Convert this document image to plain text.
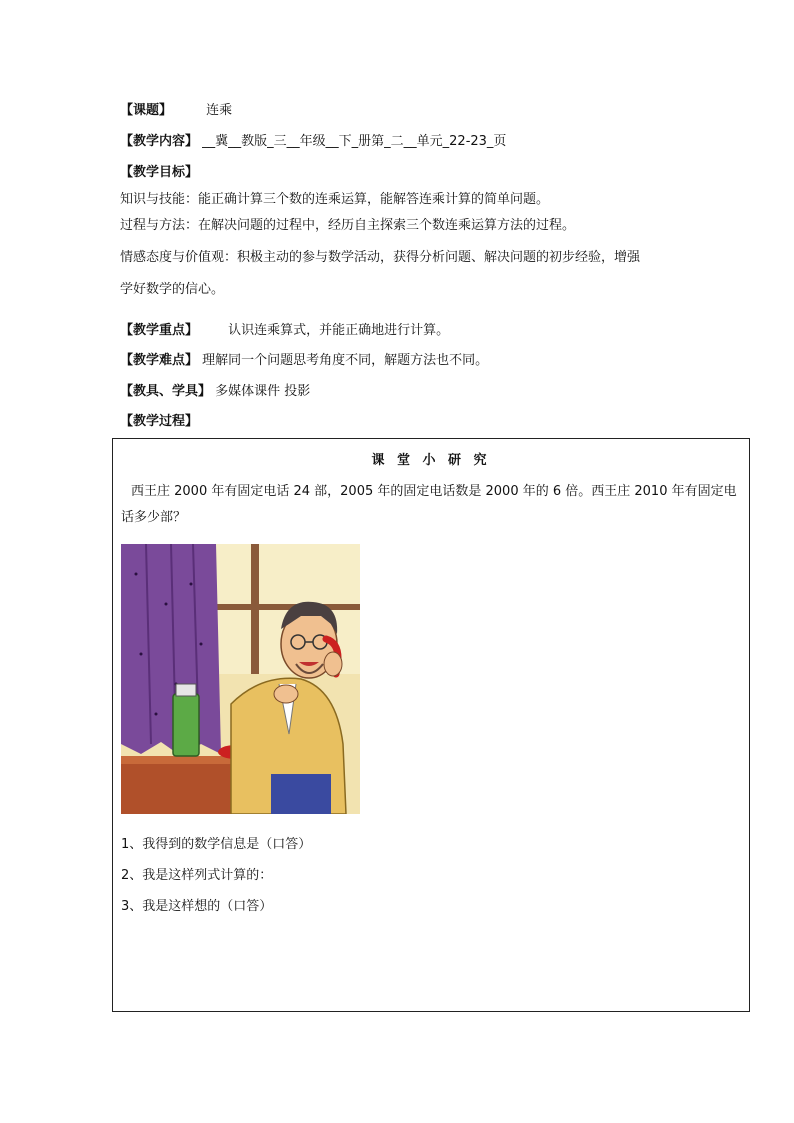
【课题】	连乘
【教学内容】 __冀__教版_三__年级__下_册第_二__单元_22-23_页
【教学目标】
知识与技能：能正确计算三个数的连乘运算，能解答连乘计算的简单问题。
过程与方法：在解决问题的过程中，经历自主探索三个数连乘运算方法的过程。
情感态度与价值观：积极主动的参与数学活动，获得分析问题、解决问题的初步经验，增强
学好数学的信心。
【教学重点】 认识连乘算式，并能正确地进行计算。
【教学难点】 理解同一个问题思考角度不同，解题方法也不同。
【教具、学具】 多媒体课件 投影
【教学过程】
课 堂 小 研 究
西王庄 2000 年有固定电话 24 部，2005 年的固定电话数是 2000 年的 6 倍。西王庄 2010 年有固定电话多少部？
1、我得到的数学信息是（口答）
2、我是这样列式计算的：
3、我是这样想的（口答）
